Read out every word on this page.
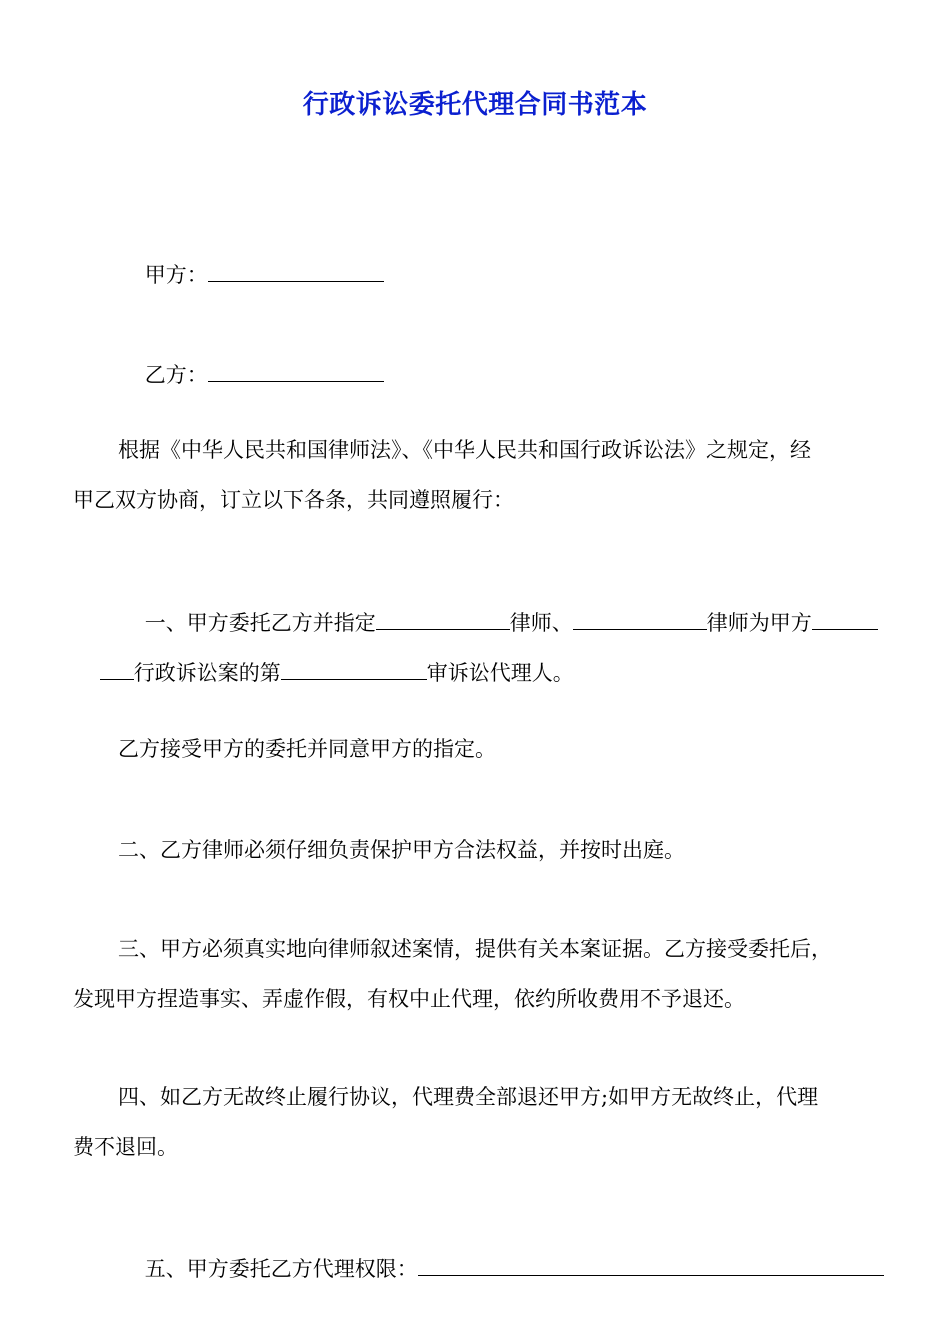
行政诉讼委托代理合同书范本

甲方：

乙方：

根据《中华人民共和国律师法》、《中华人民共和国行政诉讼法》之规定，经
甲乙双方协商，订立以下各条，共同遵照履行：

一、甲方委托乙方并指定	律师、	律师为甲方

行政诉讼案的第	审诉讼代理人。

乙方接受甲方的委托并同意甲方的指定。
二、乙方律师必须仔细负责保护甲方合法权益，并按时出庭。
三、甲方必须真实地向律师叙述案情，提供有关本案证据。乙方接受委托后，
发现甲方捏造事实、弄虚作假，有权中止代理，依约所收费用不予退还。
四、如乙方无故终止履行协议，代理费全部退还甲方;如甲方无故终止，代理
费不退回。

五、甲方委托乙方代理权限：
